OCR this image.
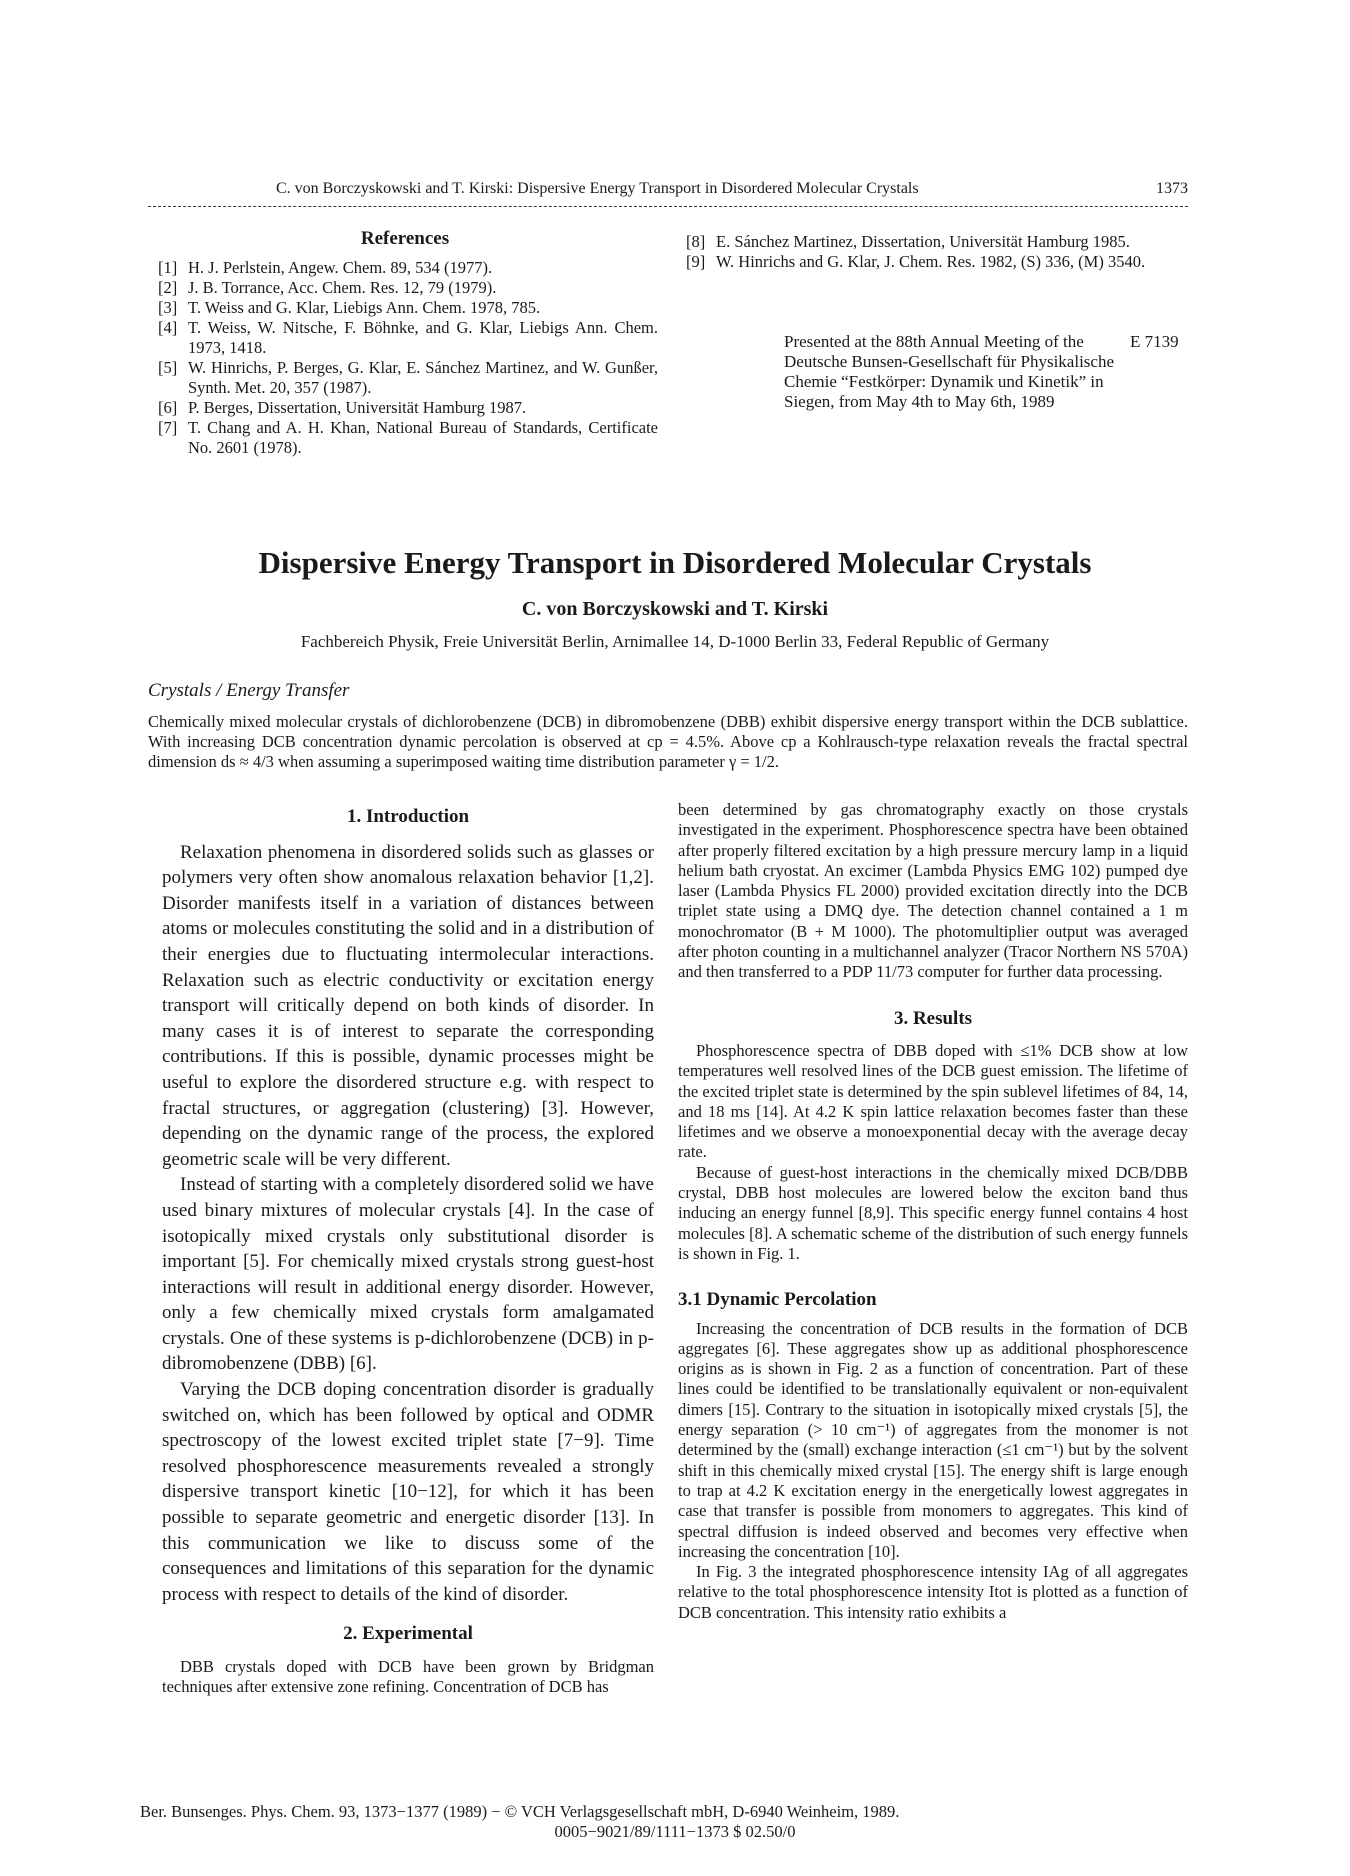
C. von Borczyskowski and T. Kirski: Dispersive Energy Transport in Disordered Molecular Crystals	1373
References
[1] H. J. Perlstein, Angew. Chem. 89, 534 (1977).
[2] J. B. Torrance, Acc. Chem. Res. 12, 79 (1979).
[3] T. Weiss and G. Klar, Liebigs Ann. Chem. 1978, 785.
[4] T. Weiss, W. Nitsche, F. Böhnke, and G. Klar, Liebigs Ann. Chem. 1973, 1418.
[5] W. Hinrichs, P. Berges, G. Klar, E. Sánchez Martinez, and W. Gunßer, Synth. Met. 20, 357 (1987).
[6] P. Berges, Dissertation, Universität Hamburg 1987.
[7] T. Chang and A. H. Khan, National Bureau of Standards, Certificate No. 2601 (1978).
[8] E. Sánchez Martinez, Dissertation, Universität Hamburg 1985.
[9] W. Hinrichs and G. Klar, J. Chem. Res. 1982, (S) 336, (M) 3540.
Presented at the 88th Annual Meeting of the Deutsche Bunsen-Gesellschaft für Physikalische Chemie “Festkörper: Dynamik und Kinetik” in Siegen, from May 4th to May 6th, 1989
E 7139
Dispersive Energy Transport in Disordered Molecular Crystals
C. von Borczyskowski and T. Kirski
Fachbereich Physik, Freie Universität Berlin, Arnimallee 14, D-1000 Berlin 33, Federal Republic of Germany
Crystals / Energy Transfer
Chemically mixed molecular crystals of dichlorobenzene (DCB) in dibromobenzene (DBB) exhibit dispersive energy transport within the DCB sublattice. With increasing DCB concentration dynamic percolation is observed at cp = 4.5%. Above cp a Kohlrausch-type relaxation reveals the fractal spectral dimension ds ≈ 4/3 when assuming a superimposed waiting time distribution parameter γ = 1/2.
1. Introduction

Relaxation phenomena in disordered solids such as glasses or polymers very often show anomalous relaxation behavior [1,2]. Disorder manifests itself in a variation of distances between atoms or molecules constituting the solid and in a distribution of their energies due to fluctuating intermolecular interactions. Relaxation such as electric conductivity or excitation energy transport will critically depend on both kinds of disorder. In many cases it is of interest to separate the corresponding contributions. If this is possible, dynamic processes might be useful to explore the disordered structure e.g. with respect to fractal structures, or aggregation (clustering) [3]. However, depending on the dynamic range of the process, the explored geometric scale will be very different.

Instead of starting with a completely disordered solid we have used binary mixtures of molecular crystals [4]. In the case of isotopically mixed crystals only substitutional disorder is important [5]. For chemically mixed crystals strong guest-host interactions will result in additional energy disorder. However, only a few chemically mixed crystals form amalgamated crystals. One of these systems is p-dichlorobenzene (DCB) in p-dibromobenzene (DBB) [6].

Varying the DCB doping concentration disorder is gradually switched on, which has been followed by optical and ODMR spectroscopy of the lowest excited triplet state [7−9]. Time resolved phosphorescence measurements revealed a strongly dispersive transport kinetic [10−12], for which it has been possible to separate geometric and energetic disorder [13]. In this communication we like to discuss some of the consequences and limitations of this separation for the dynamic process with respect to details of the kind of disorder.

2. Experimental

DBB crystals doped with DCB have been grown by Bridgman techniques after extensive zone refining. Concentration of DCB has

been determined by gas chromatography exactly on those crystals investigated in the experiment. Phosphorescence spectra have been obtained after properly filtered excitation by a high pressure mercury lamp in a liquid helium bath cryostat. An excimer (Lambda Physics EMG 102) pumped dye laser (Lambda Physics FL 2000) provided excitation directly into the DCB triplet state using a DMQ dye. The detection channel contained a 1 m monochromator (B + M 1000). The photomultiplier output was averaged after photon counting in a multichannel analyzer (Tracor Northern NS 570A) and then transferred to a PDP 11/73 computer for further data processing.

3. Results

Phosphorescence spectra of DBB doped with ≤1% DCB show at low temperatures well resolved lines of the DCB guest emission. The lifetime of the excited triplet state is determined by the spin sublevel lifetimes of 84, 14, and 18 ms [14]. At 4.2 K spin lattice relaxation becomes faster than these lifetimes and we observe a monoexponential decay with the average decay rate.

Because of guest-host interactions in the chemically mixed DCB/DBB crystal, DBB host molecules are lowered below the exciton band thus inducing an energy funnel [8,9]. This specific energy funnel contains 4 host molecules [8]. A schematic scheme of the distribution of such energy funnels is shown in Fig. 1.

3.1 Dynamic Percolation

Increasing the concentration of DCB results in the formation of DCB aggregates [6]. These aggregates show up as additional phosphorescence origins as is shown in Fig. 2 as a function of concentration. Part of these lines could be identified to be translationally equivalent or non-equivalent dimers [15]. Contrary to the situation in isotopically mixed crystals [5], the energy separation (> 10 cm⁻¹) of aggregates from the monomer is not determined by the (small) exchange interaction (≤1 cm⁻¹) but by the solvent shift in this chemically mixed crystal [15]. The energy shift is large enough to trap at 4.2 K excitation energy in the energetically lowest aggregates in case that transfer is possible from monomers to aggregates. This kind of spectral diffusion is indeed observed and becomes very effective when increasing the concentration [10].

In Fig. 3 the integrated phosphorescence intensity IAg of all aggregates relative to the total phosphorescence intensity Itot is plotted as a function of DCB concentration. This intensity ratio exhibits a

Ber. Bunsenges. Phys. Chem. 93, 1373−1377 (1989) − © VCH Verlagsgesellschaft mbH, D-6940 Weinheim, 1989.
0005−9021/89/1111−1373 $ 02.50/0
